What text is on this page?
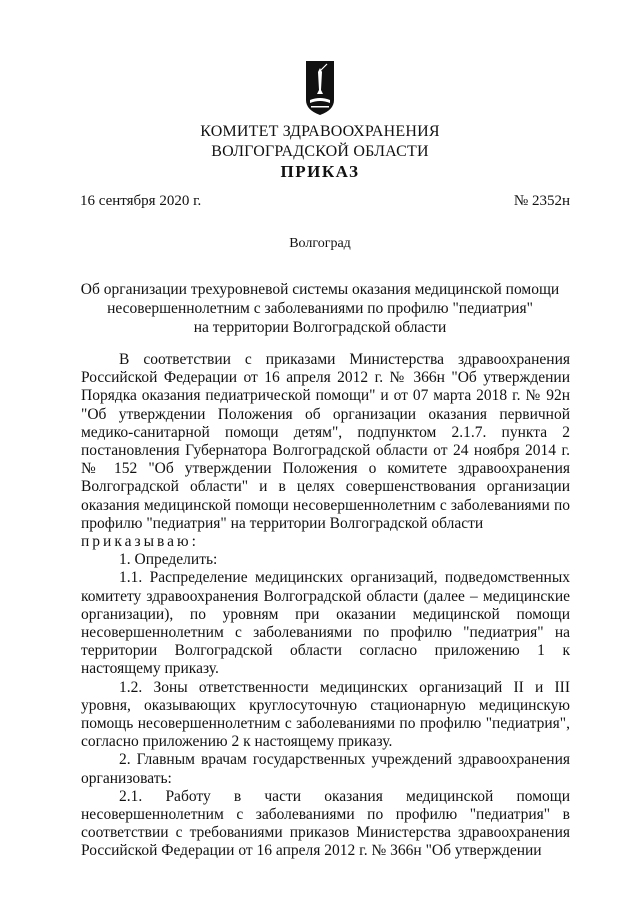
КОМИТЕТ ЗДРАВООХРАНЕНИЯ
ВОЛГОГРАДСКОЙ ОБЛАСТИ
ПРИКАЗ
16 сентября 2020 г.	№ 2352н
Волгоград
Об организации трехуровневой системы оказания медицинской помощи
несовершеннолетним с заболеваниями по профилю "педиатрия"
на территории Волгоградской области

В соответствии с приказами Министерства здравоохранения Российской Федерации от 16 апреля 2012 г. № 366н "Об утверждении Порядка оказания педиатрической помощи" и от 07 марта 2018 г. № 92н "Об утверждении Положения об организации оказания первичной медико-санитарной помощи детям", подпунктом 2.1.7. пункта 2 постановления Губернатора Волгоградской области от 24 ноября 2014 г. № 152 "Об утверждении Положения о комитете здравоохранения Волгоградской области" и в целях совершенствования организации оказания медицинской помощи несовершеннолетним с заболеваниями по профилю "педиатрия" на территории Волгоградской области

приказываю:

1. Определить:

1.1. Распределение медицинских организаций, подведомственных комитету здравоохранения Волгоградской области (далее – медицинские организации), по уровням при оказании медицинской помощи несовершеннолетним с заболеваниями по профилю "педиатрия" на территории Волгоградской области согласно приложению 1 к настоящему приказу.

1.2. Зоны ответственности медицинских организаций II и III уровня, оказывающих круглосуточную стационарную медицинскую помощь несовершеннолетним с заболеваниями по профилю "педиатрия", согласно приложению 2 к настоящему приказу.

2. Главным врачам государственных учреждений здравоохранения организовать:

2.1. Работу в части оказания медицинской помощи несовершеннолетним с заболеваниями по профилю "педиатрия" в соответствии с требованиями приказов Министерства здравоохранения Российской Федерации от 16 апреля 2012 г. № 366н "Об утверждении
